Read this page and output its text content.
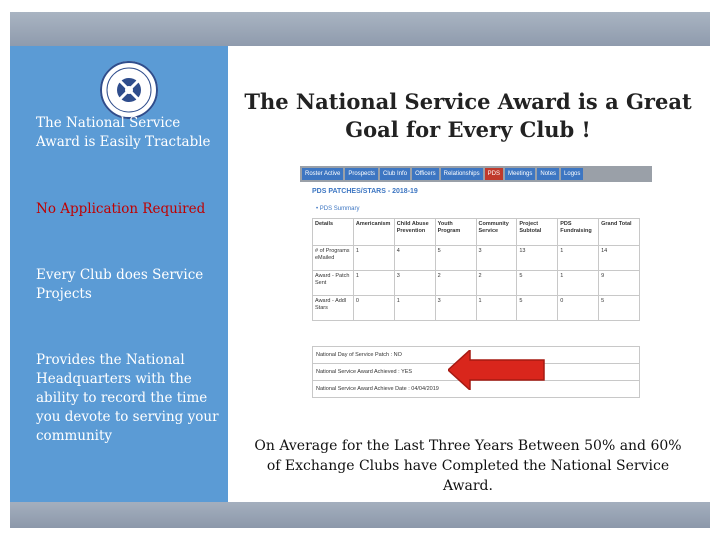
The National Service Award is Easily Tractable
No Application Required
Every Club does Service Projects
Provides the National Headquarters with the ability to record the time you devote to serving your community
The National Service Award is a Great Goal for Every Club !
Roster Active	Prospects	Club Info	Officers	Relationships	PDS	Meetings	Notes	Logos
PDS PATCHES/STARS - 2018-19
• PDS Summary
Details	Americanism	Child Abuse Prevention	Youth Program	Community Service	Project Subtotal	PDS Fundraising	Grand Total
# of Programs eMailed	1	4	5	3	13	1	14
Award - Patch Sent	1	3	2	2	5	1	9
Award - Addl Stars	0	1	3	1	5	0	5
National Day of Service Patch : NO
National Service Award Achieved : YES
National Service Award Achieve Date : 04/04/2019
On Average for the Last Three Years Between 50% and 60% of Exchange Clubs have Completed the National Service Award.
